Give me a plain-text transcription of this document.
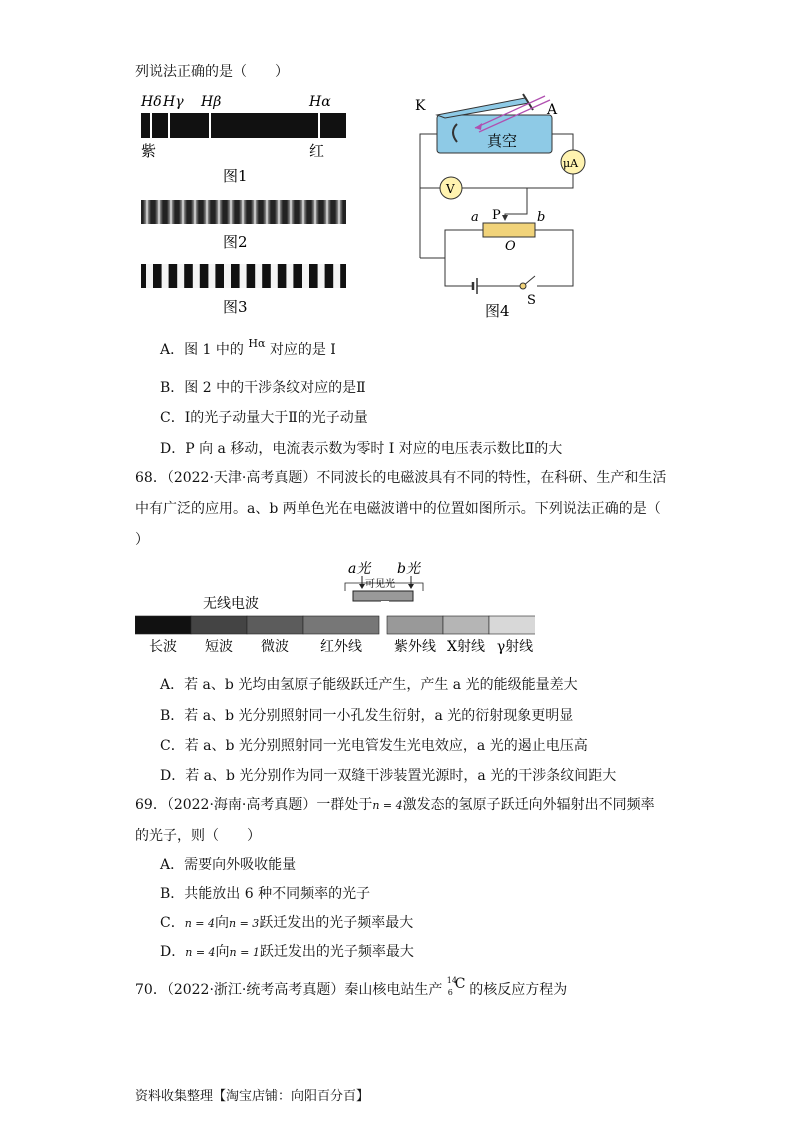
列说法正确的是（　　）
Hδ Hγ Hβ	Hα
紫	红
图1
图2
图3
K	A
真空
μA
V
a P	b
O
S
图4
A．图 1 中的 $^{H\alpha}$ 对应的是 Ⅰ
B．图 2 中的干涉条纹对应的是Ⅱ
C．Ⅰ的光子动量大于Ⅱ的光子动量
D．P 向 a 移动，电流表示数为零时 Ⅰ 对应的电压表示数比Ⅱ的大
68．（2022·天津·高考真题）不同波长的电磁波具有不同的特性，在科研、生产和生活
中有广泛的应用。a、b 两单色光在电磁波谱中的位置如图所示。下列说法正确的是（
）
a光 b光
可见光
无线电波
长波 短波 微波 红外线 紫外线 X射线 γ射线
A．若 a、b 光均由氢原子能级跃迁产生，产生 a 光的能级能量差大
B．若 a、b 光分别照射同一小孔发生衍射，a 光的衍射现象更明显
C．若 a、b 光分别照射同一光电管发生光电效应，a 光的遏止电压高
D．若 a、b 光分别作为同一双缝干涉装置光源时，a 光的干涉条纹间距大
69．（2022·海南·高考真题）一群处于n = 4激发态的氢原子跃迁向外辐射出不同频率
的光子，则（　　）
A．需要向外吸收能量
B．共能放出 6 种不同频率的光子
C．n = 4向n = 3跃迁发出的光子频率最大
D．n = 4向n = 1跃迁发出的光子频率最大
70．（2022·浙江·统考高考真题）秦山核电站生产
14
6
C 的核反应方程为
资料收集整理【淘宝店铺：向阳百分百】
